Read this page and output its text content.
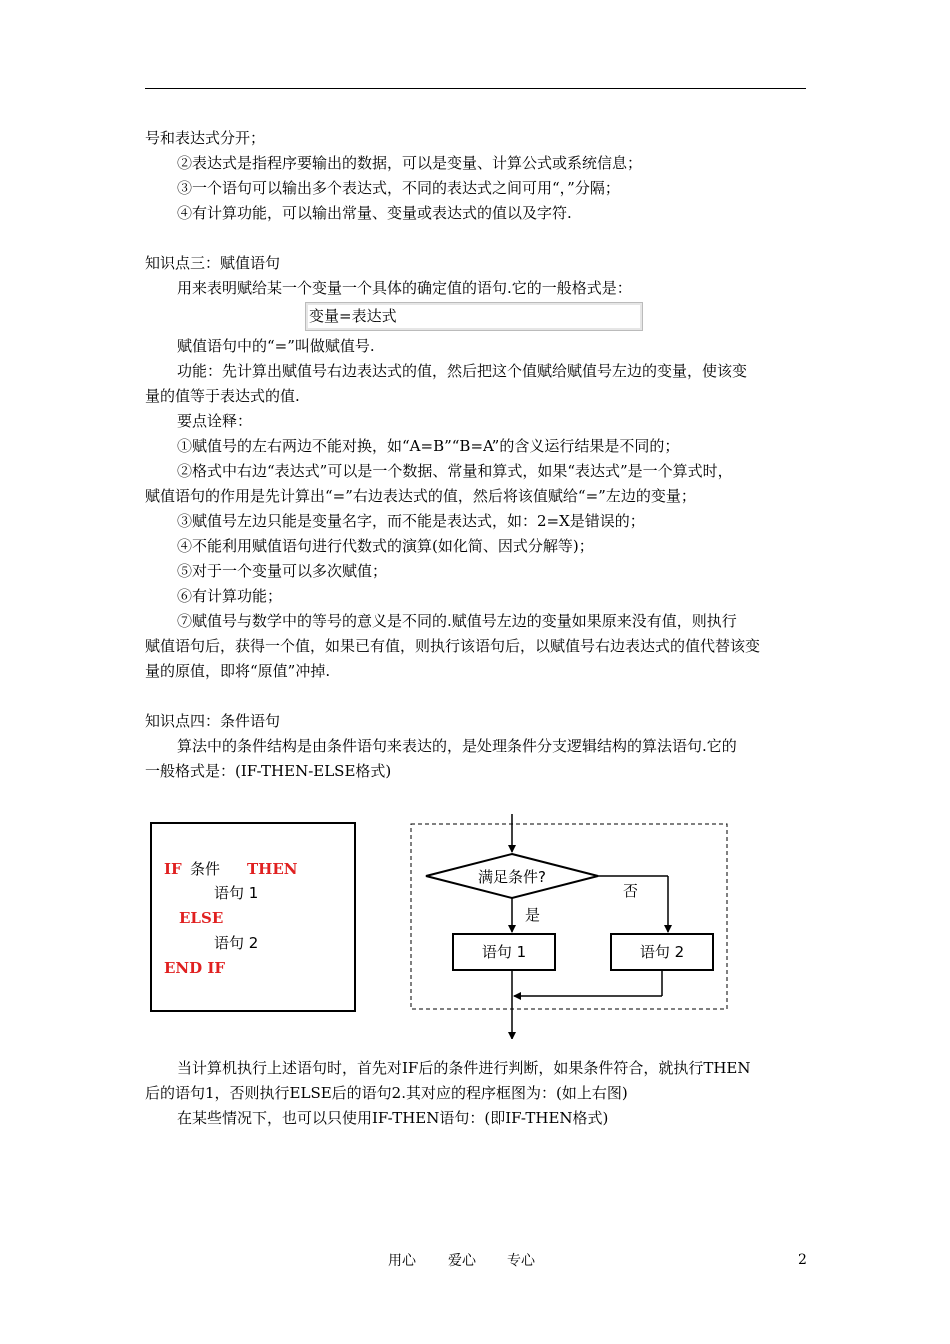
号和表达式分开；
②表达式是指程序要输出的数据，可以是变量、计算公式或系统信息；
③一个语句可以输出多个表达式，不同的表达式之间可用“，”分隔；
④有计算功能，可以输出常量、变量或表达式的值以及字符.
知识点三：赋值语句
用来表明赋给某一个变量一个具体的确定值的语句.它的一般格式是：
变量=表达式
赋值语句中的“=”叫做赋值号.
功能：先计算出赋值号右边表达式的值，然后把这个值赋给赋值号左边的变量，使该变
量的值等于表达式的值.
要点诠释：
①赋值号的左右两边不能对换，如“A=B”“B=A”的含义运行结果是不同的；
②格式中右边“表达式”可以是一个数据、常量和算式，如果“表达式”是一个算式时，
赋值语句的作用是先计算出“=”右边表达式的值，然后将该值赋给“=”左边的变量；
③赋值号左边只能是变量名字，而不能是表达式，如：2=X是错误的；
④不能利用赋值语句进行代数式的演算(如化简、因式分解等)；
⑤对于一个变量可以多次赋值；
⑥有计算功能；
⑦赋值号与数学中的等号的意义是不同的.赋值号左边的变量如果原来没有值，则执行
赋值语句后，获得一个值，如果已有值，则执行该语句后，以赋值号右边表达式的值代替该变
量的原值，即将“原值”冲掉.
知识点四：条件语句
算法中的条件结构是由条件语句来表达的，是处理条件分支逻辑结构的算法语句.它的
一般格式是：(IF-THEN-ELSE格式)
IF 条件 THEN
语句 1
ELSE
语句 2
END IF
满足条件?
否
是
语句 1	语句 2
当计算机执行上述语句时，首先对IF后的条件进行判断，如果条件符合，就执行THEN
后的语句1，否则执行ELSE后的语句2.其对应的程序框图为：(如上右图)
在某些情况下，也可以只使用IF-THEN语句：(即IF-THEN格式)
用心 爱心 专心	2
